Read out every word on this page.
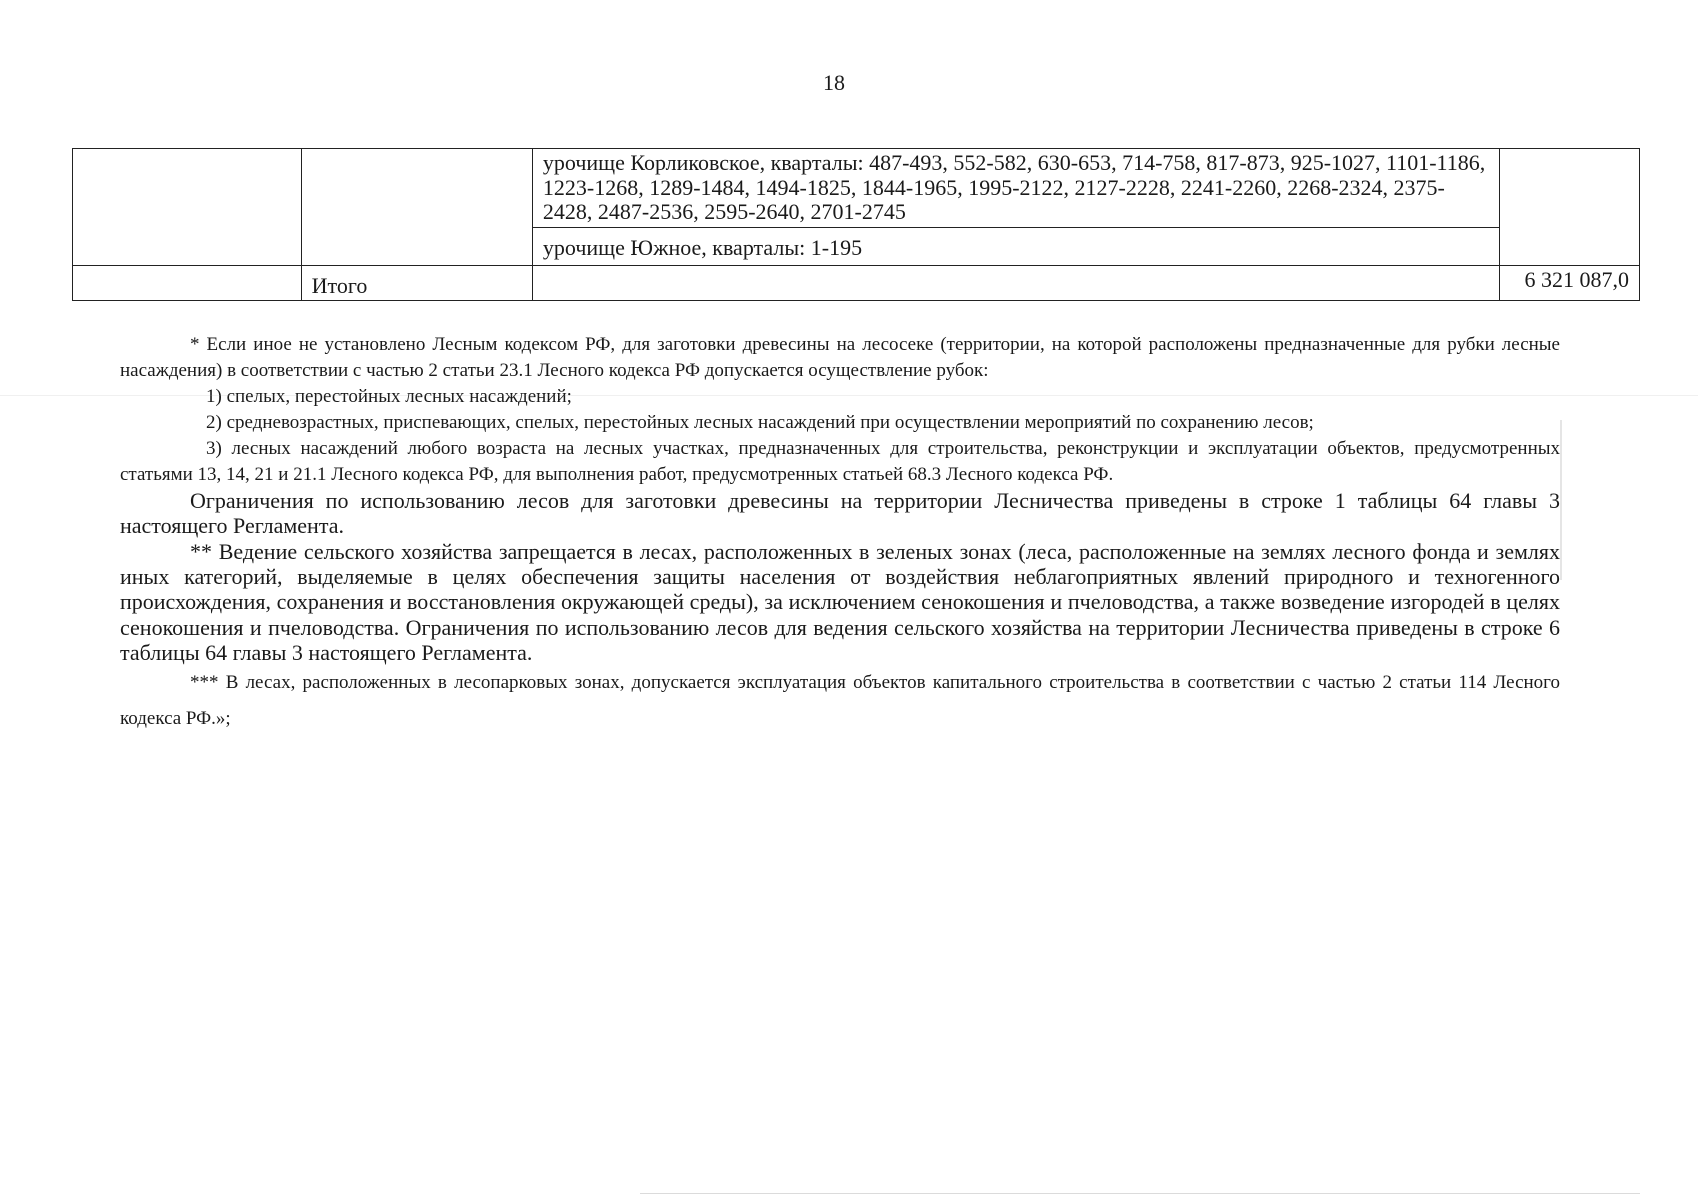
18
		урочище Корликовское, кварталы: 487-493, 552-582, 630-653, 714-758, 817-873, 925-1027, 1101-1186, 1223-1268, 1289-1484, 1494-1825, 1844-1965, 1995-2122, 2127-2228, 2241-2260, 2268-2324, 2375-2428, 2487-2536, 2595-2640, 2701-2745	
		урочище Южное, кварталы: 1-195	
	Итого		6 321 087,0

* Если иное не установлено Лесным кодексом РФ, для заготовки древесины на лесосеке (территории, на которой расположены предназначенные для рубки лесные насаждения) в соответствии с частью 2 статьи 23.1 Лесного кодекса РФ допускается осуществление рубок:

1) спелых, перестойных лесных насаждений;

2) средневозрастных, приспевающих, спелых, перестойных лесных насаждений при осуществлении мероприятий по сохранению лесов;

3) лесных насаждений любого возраста на лесных участках, предназначенных для строительства, реконструкции и эксплуатации объектов, предусмотренных статьями 13, 14, 21 и 21.1 Лесного кодекса РФ, для выполнения работ, предусмотренных статьей 68.3 Лесного кодекса РФ.

Ограничения по использованию лесов для заготовки древесины на территории Лесничества приведены в строке 1 таблицы 64 главы 3 настоящего Регламента.

** Ведение сельского хозяйства запрещается в лесах, расположенных в зеленых зонах (леса, расположенные на землях лесного фонда и землях иных категорий, выделяемые в целях обеспечения защиты населения от воздействия неблагоприятных явлений природного и техногенного происхождения, сохранения и восстановления окружающей среды), за исключением сенокошения и пчеловодства, а также возведение изгородей в целях сенокошения и пчеловодства. Ограничения по использованию лесов для ведения сельского хозяйства на территории Лесничества приведены в строке 6 таблицы 64 главы 3 настоящего Регламента.

*** В лесах, расположенных в лесопарковых зонах, допускается эксплуатация объектов капитального строительства в соответствии с частью 2 статьи 114 Лесного кодекса РФ.»;
